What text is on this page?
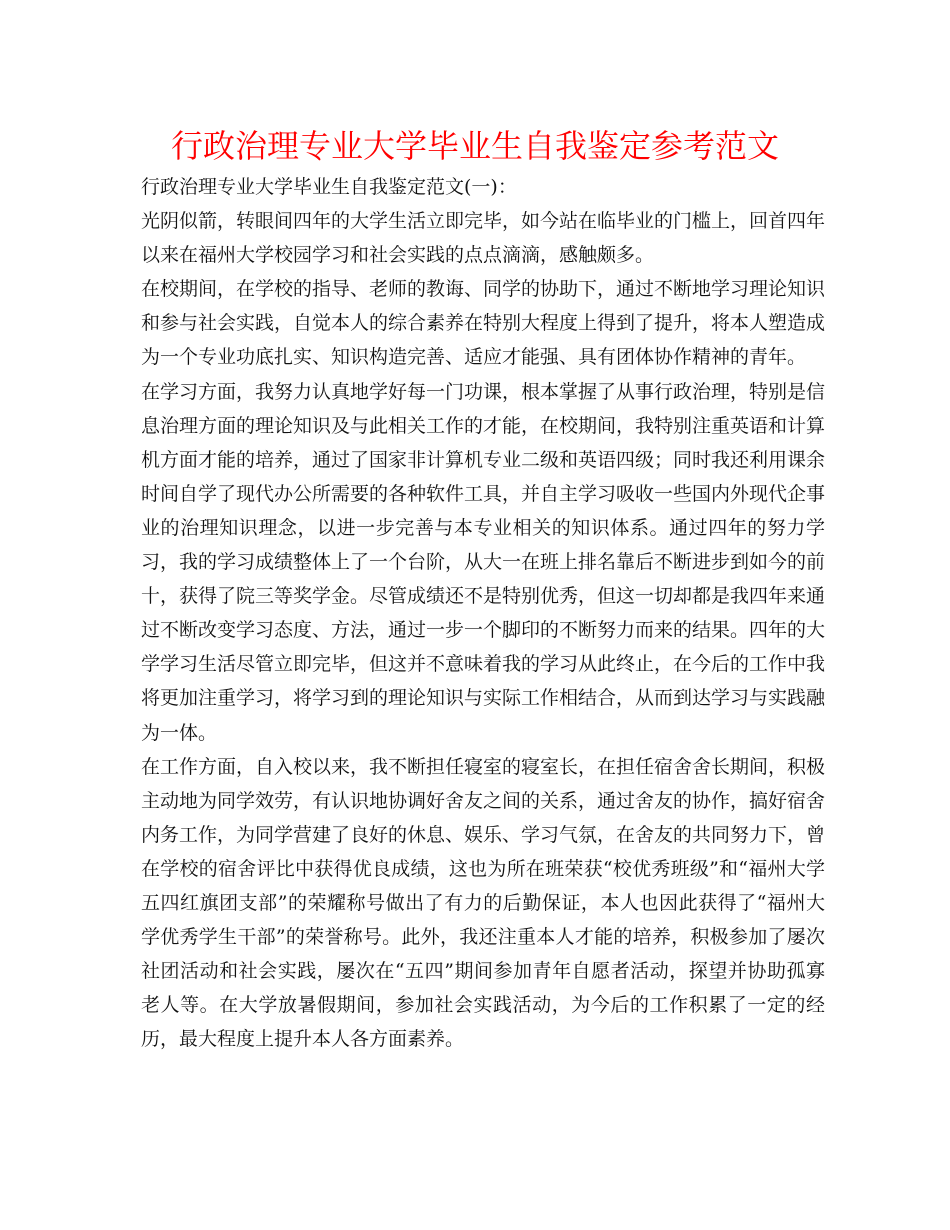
行政治理专业大学毕业生自我鉴定参考范文

行政治理专业大学毕业生自我鉴定范文(一)：

光阴似箭，转眼间四年的大学生活立即完毕，如今站在临毕业的门槛上，回首四年以来在福州大学校园学习和社会实践的点点滴滴，感触颇多。

在校期间，在学校的指导、老师的教诲、同学的协助下，通过不断地学习理论知识和参与社会实践，自觉本人的综合素养在特别大程度上得到了提升，将本人塑造成为一个专业功底扎实、知识构造完善、适应才能强、具有团体协作精神的青年。

在学习方面，我努力认真地学好每一门功课，根本掌握了从事行政治理，特别是信息治理方面的理论知识及与此相关工作的才能，在校期间，我特别注重英语和计算机方面才能的培养，通过了国家非计算机专业二级和英语四级；同时我还利用课余时间自学了现代办公所需要的各种软件工具，并自主学习吸收一些国内外现代企事业的治理知识理念，以进一步完善与本专业相关的知识体系。通过四年的努力学习，我的学习成绩整体上了一个台阶，从大一在班上排名靠后不断进步到如今的前十，获得了院三等奖学金。尽管成绩还不是特别优秀，但这一切却都是我四年来通过不断改变学习态度、方法，通过一步一个脚印的不断努力而来的结果。四年的大学学习生活尽管立即完毕，但这并不意味着我的学习从此终止，在今后的工作中我将更加注重学习，将学习到的理论知识与实际工作相结合，从而到达学习与实践融为一体。

在工作方面，自入校以来，我不断担任寝室的寝室长，在担任宿舍舍长期间，积极主动地为同学效劳，有认识地协调好舍友之间的关系，通过舍友的协作，搞好宿舍内务工作，为同学营建了良好的休息、娱乐、学习气氛，在舍友的共同努力下，曾在学校的宿舍评比中获得优良成绩，这也为所在班荣获“校优秀班级”和“福州大学五四红旗团支部”的荣耀称号做出了有力的后勤保证，本人也因此获得了“福州大学优秀学生干部”的荣誉称号。此外，我还注重本人才能的培养，积极参加了屡次社团活动和社会实践，屡次在“五四”期间参加青年自愿者活动，探望并协助孤寡老人等。在大学放暑假期间，参加社会实践活动，为今后的工作积累了一定的经历，最大程度上提升本人各方面素养。
